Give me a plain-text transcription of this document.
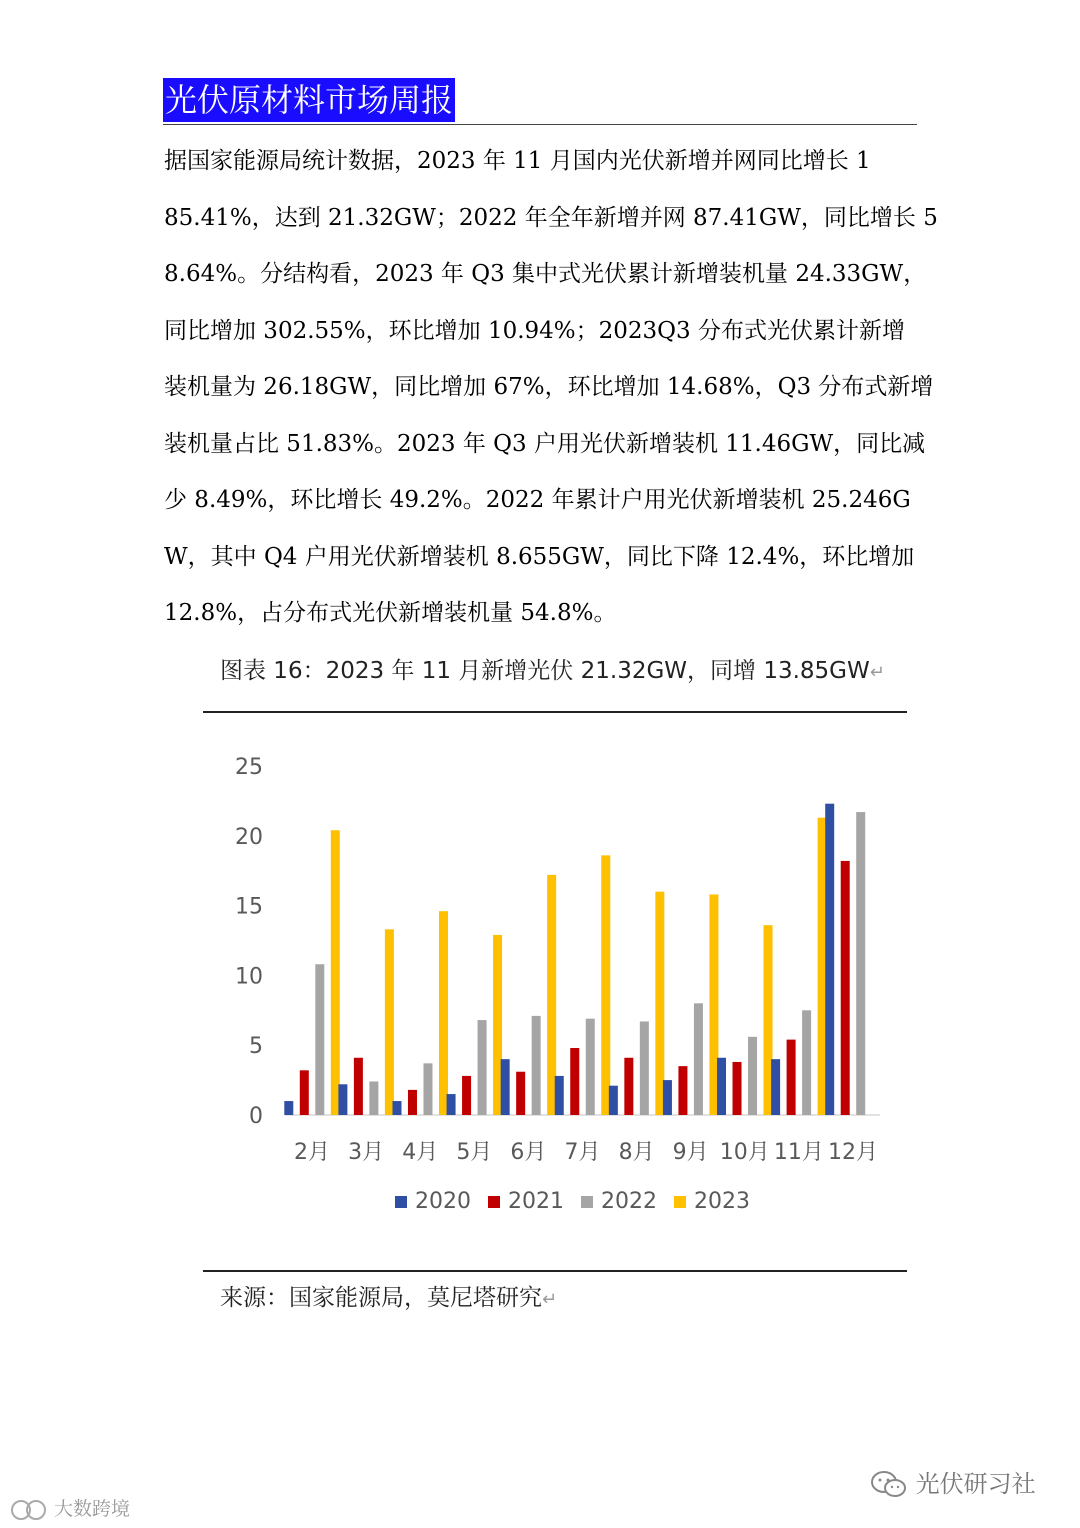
光伏原材料市场周报
据国家能源局统计数据，2023 年 11 月国内光伏新增并网同比增长 1
85.41%，达到 21.32GW；2022 年全年新增并网 87.41GW，同比增长 5
8.64%。分结构看，2023 年 Q3 集中式光伏累计新增装机量 24.33GW，
同比增加 302.55%，环比增加 10.94%；2023Q3 分布式光伏累计新增
装机量为 26.18GW，同比增加 67%，环比增加 14.68%，Q3 分布式新增
装机量占比 51.83%。2023 年 Q3 户用光伏新增装机 11.46GW，同比减
少 8.49%，环比增长 49.2%。2022 年累计户用光伏新增装机 25.246G
W，其中 Q4 户用光伏新增装机 8.655GW，同比下降 12.4%，环比增加
12.8%，占分布式光伏新增装机量 54.8%。
图表 16：2023 年 11 月新增光伏 21.32GW，同增 13.85GW↵
0
5
10
15
20
25
2月 3月 4月 5月 6月 7月 8月 9月 10月 11月 12月
2020 2021 2022 2023
来源：国家能源局，莫尼塔研究↵
大数跨境
光伏研习社
